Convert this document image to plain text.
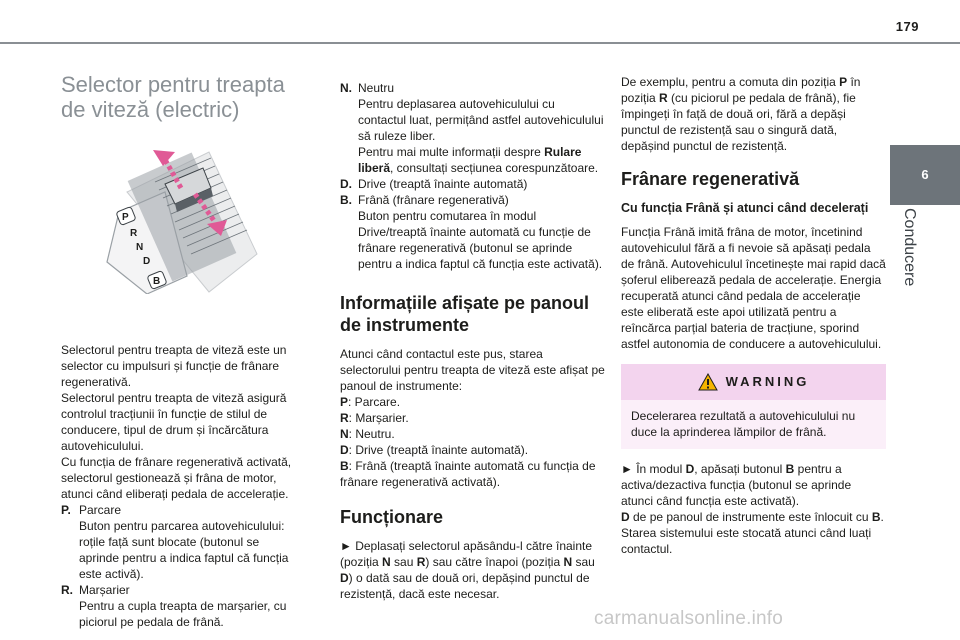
179
6
Conducere
Selector pentru treapta de viteză (electric)
P
R
N
D
B

Selectorul pentru treapta de viteză este un selector cu impulsuri și funcție de frânare regenerativă.

Selectorul pentru treapta de viteză asigură controlul tracțiunii în funcție de stilul de conducere, tipul de drum și încărcătura autovehiculului.

Cu funcția de frânare regenerativă activată, selectorul gestionează și frâna de motor, atunci când eliberați pedala de accelerație.

P. Parcare
Buton pentru parcarea autovehiculului: roțile față sunt blocate (butonul se aprinde pentru a indica faptul că funcția este activă).
R. Marșarier
Pentru a cupla treapta de marșarier, cu piciorul pe pedala de frână.
N. Neutru
Pentru deplasarea autovehiculului cu contactul luat, permițând astfel autovehiculului să ruleze liber.
Pentru mai multe informații despre Rulare liberă, consultați secțiunea corespunzătoare.
D. Drive (treaptă înainte automată)
B. Frână (frânare regenerativă)
Buton pentru comutarea în modul Drive/treaptă înainte automată cu funcție de frânare regenerativă (butonul se aprinde pentru a indica faptul că funcția este activată).
Informațiile afișate pe panoul de instrumente

Atunci când contactul este pus, starea selectorului pentru treapta de viteză este afișat pe panoul de instrumente:

P: Parcare.

R: Marșarier.

N: Neutru.

D: Drive (treaptă înainte automată).

B: Frână (treaptă înainte automată cu funcția de frânare regenerativă activată).

Funcționare

► Deplasați selectorul apăsându-l către înainte (poziția N sau R) sau către înapoi (poziția N sau D) o dată sau de două ori, depășind punctul de rezistență, dacă este necesar.

De exemplu, pentru a comuta din poziția P în poziția R (cu piciorul pe pedala de frână), fie împingeți în față de două ori, fără a depăși punctul de rezistență sau o singură dată, depășind punctul de rezistență.

Frânare regenerativă
Cu funcția Frână și atunci când decelerați

Funcția Frână imită frâna de motor, încetinind autovehiculul fără a fi nevoie să apăsați pedala de frână. Autovehiculul încetinește mai rapid dacă șoferul eliberează pedala de accelerație. Energia recuperată atunci când pedala de accelerație este eliberată este apoi utilizată pentru a reîncărca parțial bateria de tracțiune, sporind astfel autonomia de conducere a autovehiculului.

WARNING
Decelerarea rezultată a autovehiculului nu duce la aprinderea lămpilor de frână.

► În modul D, apăsați butonul B pentru a activa/dezactiva funcția (butonul se aprinde atunci când funcția este activată).

D de pe panoul de instrumente este înlocuit cu B.

Starea sistemului este stocată atunci când luați contactul.

carmanualsonline.info
